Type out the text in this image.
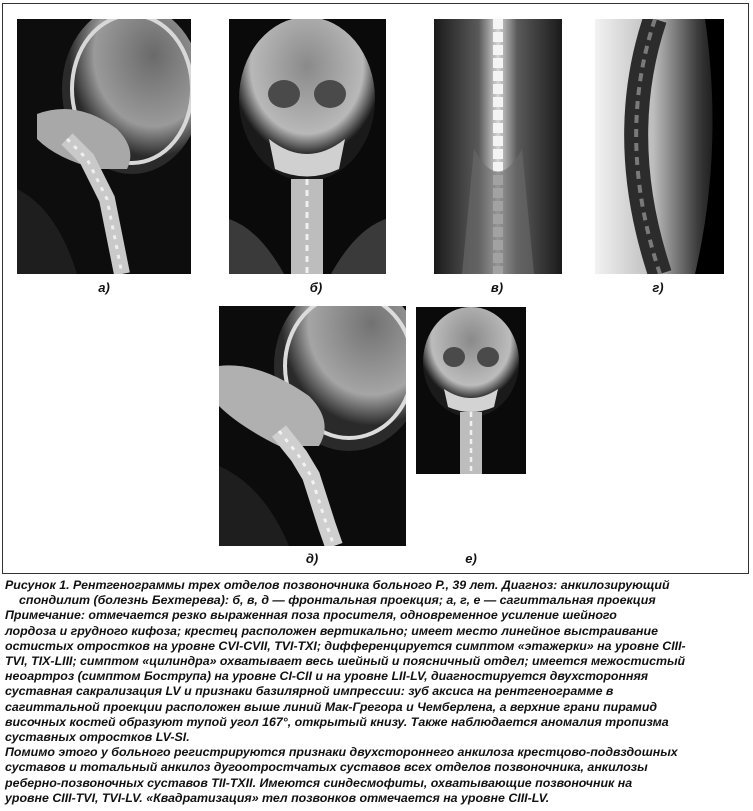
а)	б)	в)	г)
д)	е)

Рисунок 1. Рентгенограммы трех отделов позвоночника больного Р., 39 лет. Диагноз: анкилозирующий

спондилит (болезнь Бехтерева): б, в, д — фронтальная проекция; а, г, е — сагиттальная проекция

Примечание: отмечается резко выраженная поза просителя, одновременное усиление шейного

лордоза и грудного кифоза; крестец расположен вертикально; имеет место линейное выстраивание

остистых отростков на уровне CVI-CVII, TVI-TXI; дифференцируется симптом «этажерки» на уровне CIII-

TVI, TIX-LIII; симптом «цилиндра» охватывает весь шейный и поясничный отдел; имеется межостистый

неоартроз (симптом Бострупа) на уровне CI-CII и на уровне LII-LV, диагностируется двухсторонняя

суставная сакрализация LV и признаки базилярной импрессии: зуб аксиса на рентгенограмме в

сагиттальной проекции расположен выше линий Мак-Грегора и Чемберлена, а верхние грани пирамид

височных костей образуют тупой угол 167°, открытый книзу. Также наблюдается аномалия тропизма

суставных отростков LV-SI.

Помимо этого у больного регистрируются признаки двухстороннего анкилоза крестцово-подвздошных

суставов и тотальный анкилоз дугоотростчатых суставов всех отделов позвоночника, анкилозы

реберно-позвоночных суставов TII-TXII. Имеются синдесмофиты, охватывающие позвоночник на

уровне CIII-TVI, TVI-LV. «Квадратизация» тел позвонков отмечается на уровне CIII-LV.
